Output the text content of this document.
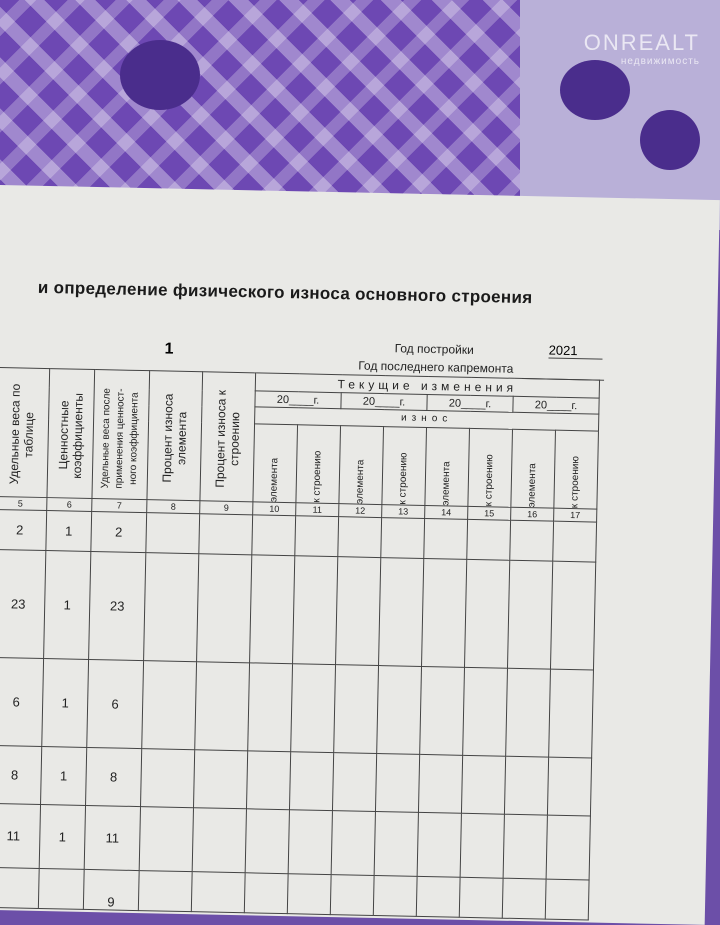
ONREALT
недвижимость
и определение физического износа основного строения
1	Год постройки	2021
Год последнего капремонта
Удельные веса по таблице	Ценностные коэффициенты	Удельные веса после применения ценност-ного коэффициента	Процент износа элемента	Процент износа к строению	Текущие изменения							
					20____г.		20____г.		20____г.		20____г.	
					износ							

					элемента	к строению	элемента	к строению	элемента	к строению	элемента	к строению

5	6	7	8	9	10	11	12	13	14	15	16	17
2	1	2										
23	1	23										
6	1	6										
8	1	8										
11	1	11										
		9										
